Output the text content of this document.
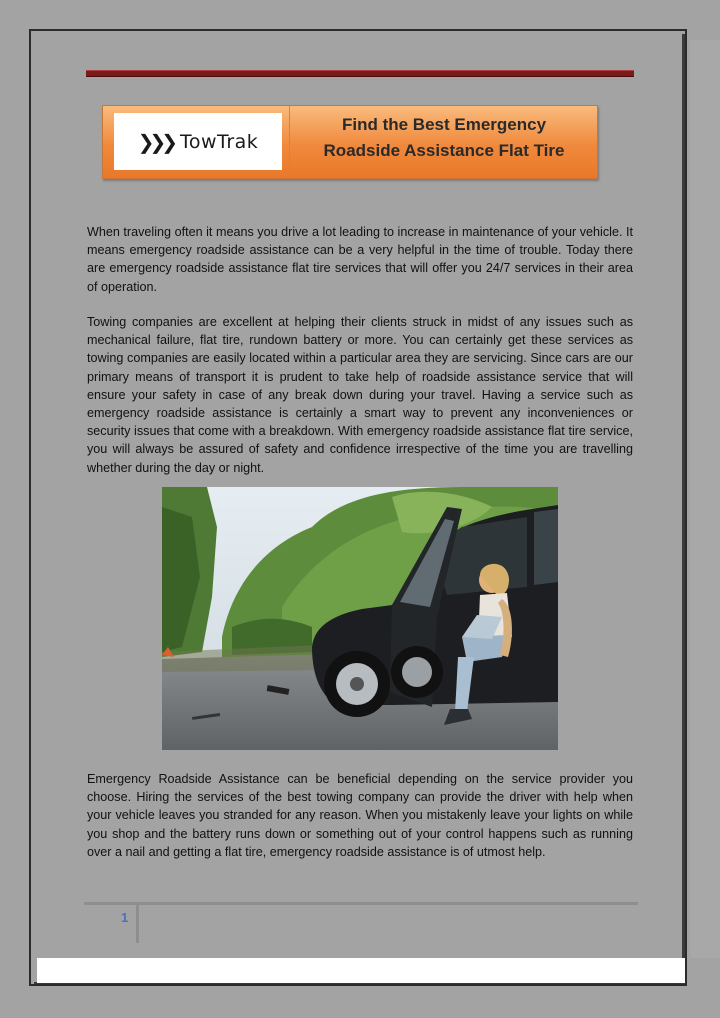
❯❯❯ TowTrak
Find the Best Emergency
Roadside Assistance Flat Tire

When traveling often it means you drive a lot leading to increase in maintenance of your vehicle. It means emergency roadside assistance can be a very helpful in the time of trouble. Today there are emergency roadside assistance flat tire services that will offer you 24/7 services in their area of operation.

Towing companies are excellent at helping their clients struck in midst of any issues such as mechanical failure, flat tire, rundown battery or more. You can certainly get these services as towing companies are easily located within a particular area they are servicing. Since cars are our primary means of transport it is prudent to take help of roadside assistance service that will ensure your safety in case of any break down during your travel. Having a service such as emergency roadside assistance is certainly a smart way to prevent any inconveniences or security issues that come with a breakdown. With emergency roadside assistance flat tire service, you will always be assured of safety and confidence irrespective of the time you are travelling whether during the day or night.

Emergency Roadside Assistance can be beneficial depending on the service provider you choose. Hiring the services of the best towing company can provide the driver with help when your vehicle leaves you stranded for any reason. When you mistakenly leave your lights on while you shop and the battery runs down or something out of your control happens such as running over a nail and getting a flat tire, emergency roadside assistance is of utmost help.

1
